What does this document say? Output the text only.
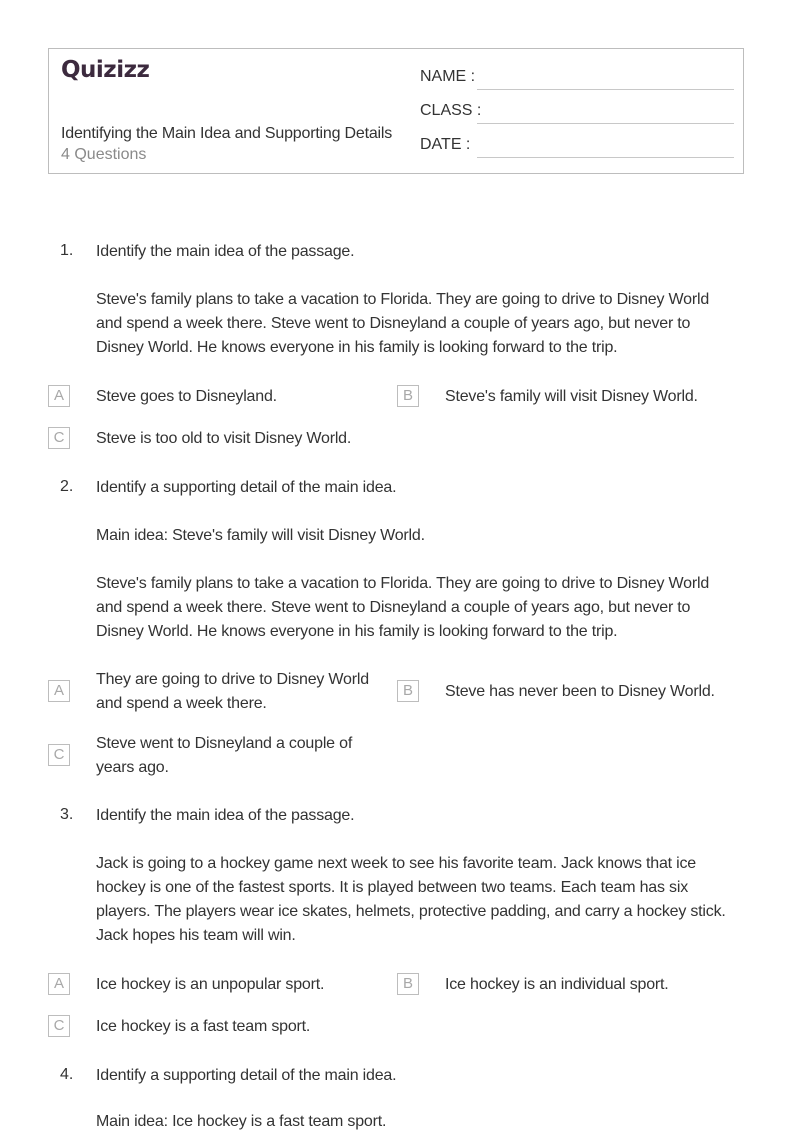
Quizizz
Identifying the Main Idea and Supporting Details
4 Questions
NAME :
CLASS :
DATE :
1. Identify the main idea of the passage.
Steve's family plans to take a vacation to Florida. They are going to drive to Disney World and spend a week there. Steve went to Disneyland a couple of years ago, but never to Disney World. He knows everyone in his family is looking forward to the trip.
A	Steve goes to Disneyland.	B	Steve's family will visit Disney World.
C	Steve is too old to visit Disney World.
2. Identify a supporting detail of the main idea.
Main idea: Steve's family will visit Disney World.
Steve's family plans to take a vacation to Florida. They are going to drive to Disney World and spend a week there. Steve went to Disneyland a couple of years ago, but never to Disney World. He knows everyone in his family is looking forward to the trip.
A
They are going to drive to Disney World and spend a week there.
B	Steve has never been to Disney World.
C
Steve went to Disneyland a couple of years ago.
3. Identify the main idea of the passage.
Jack is going to a hockey game next week to see his favorite team. Jack knows that ice hockey is one of the fastest sports. It is played between two teams. Each team has six players. The players wear ice skates, helmets, protective padding, and carry a hockey stick. Jack hopes his team will win.
A	Ice hockey is an unpopular sport.	B	Ice hockey is an individual sport.
C	Ice hockey is a fast team sport.
4. Identify a supporting detail of the main idea.
Main idea: Ice hockey is a fast team sport.
